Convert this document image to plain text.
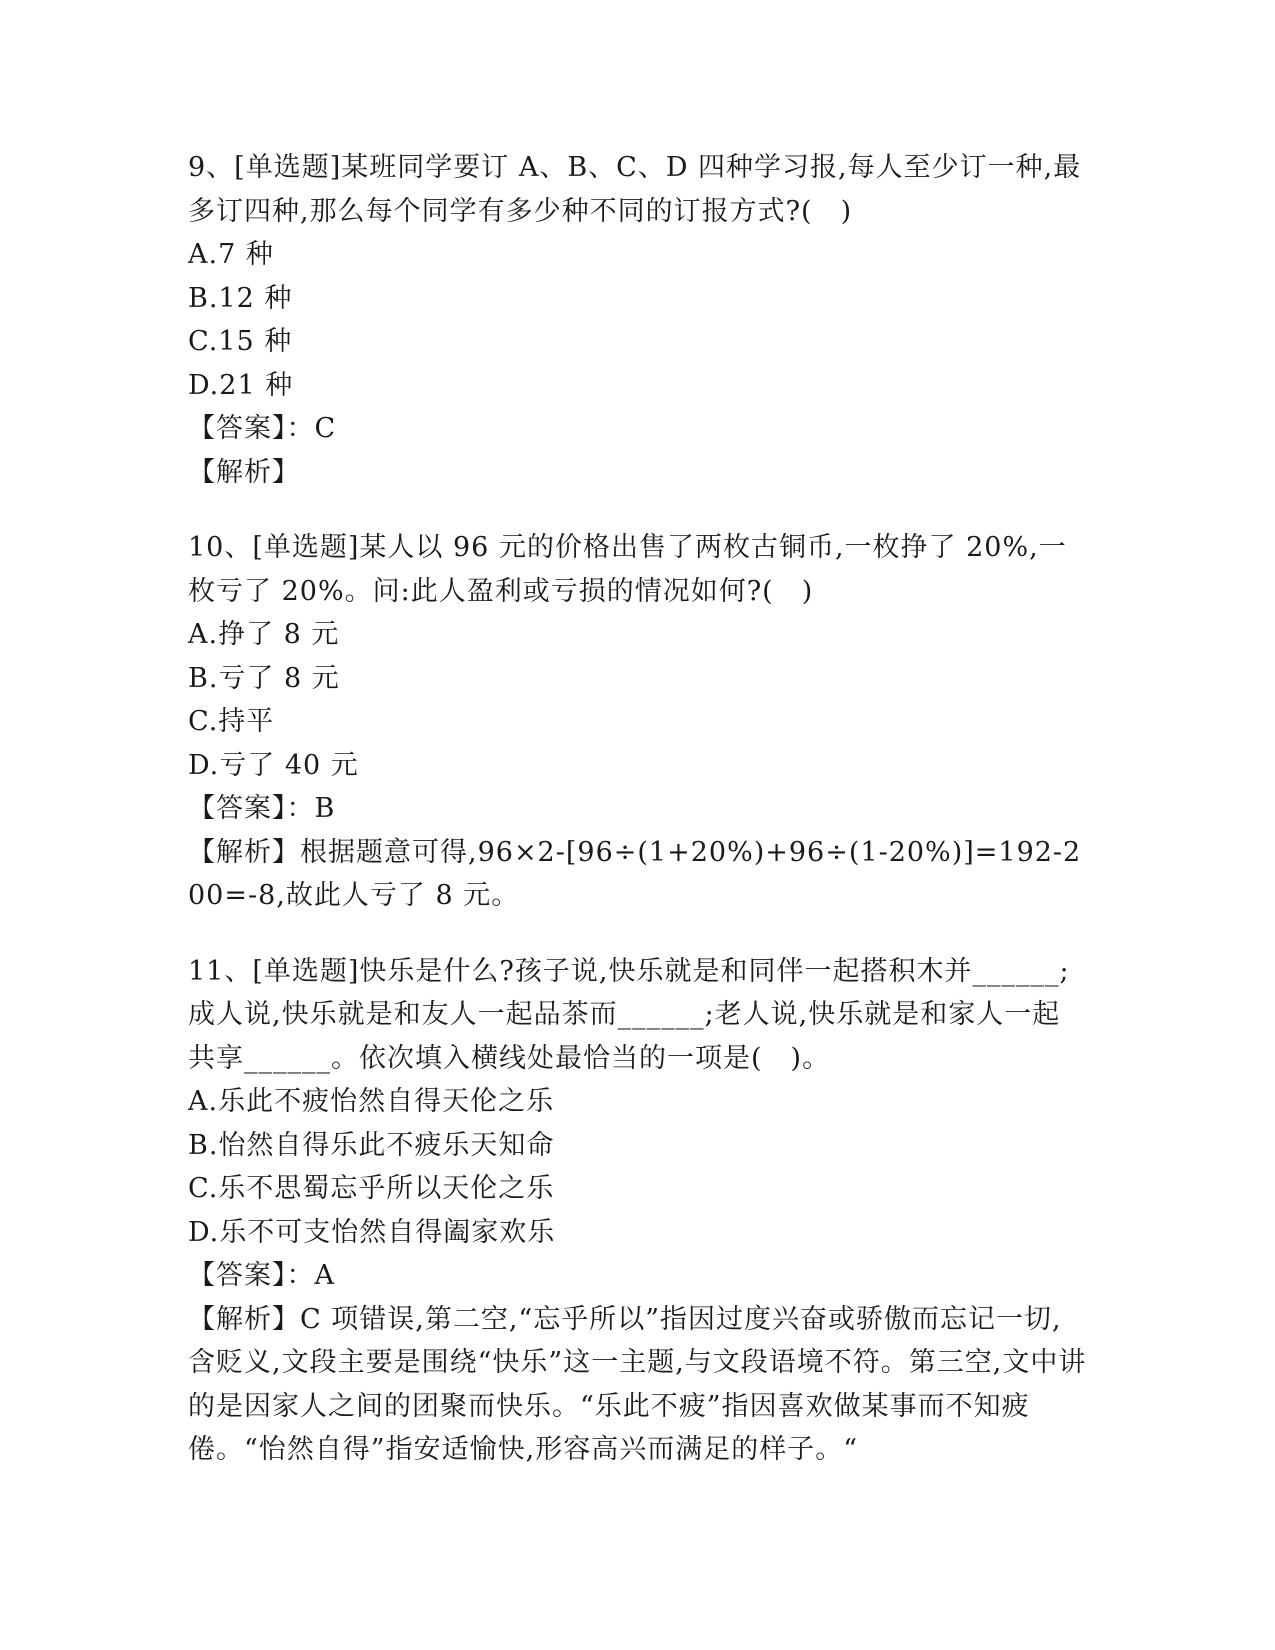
9、[单选题]某班同学要订 A、B、C、D 四种学习报,每人至少订一种,最多订四种,那么每个同学有多少种不同的订报方式?(　)

A.7 种
B.12 种
C.15 种
D.21 种
【答案】：C

【解析】

10、[单选题]某人以 96 元的价格出售了两枚古铜币,一枚挣了 20%,一枚亏了 20%。问:此人盈利或亏损的情况如何?(　)

A.挣了 8 元
B.亏了 8 元
C.持平
D.亏了 40 元
【答案】：B

【解析】根据题意可得,96×2-[96÷(1+20%)+96÷(1-20%)]=192-200=-8,故此人亏了 8 元。

11、[单选题]快乐是什么?孩子说,快乐就是和同伴一起搭积木并______;成人说,快乐就是和友人一起品茶而______;老人说,快乐就是和家人一起共享______。依次填入横线处最恰当的一项是(　)。

A.乐此不疲怡然自得天伦之乐
B.怡然自得乐此不疲乐天知命
C.乐不思蜀忘乎所以天伦之乐
D.乐不可支怡然自得阖家欢乐
【答案】：A

【解析】C 项错误,第二空,“忘乎所以”指因过度兴奋或骄傲而忘记一切,含贬义,文段主要是围绕“快乐”这一主题,与文段语境不符。第三空,文中讲的是因家人之间的团聚而快乐。“乐此不疲”指因喜欢做某事而不知疲倦。“怡然自得”指安适愉快,形容高兴而满足的样子。“
